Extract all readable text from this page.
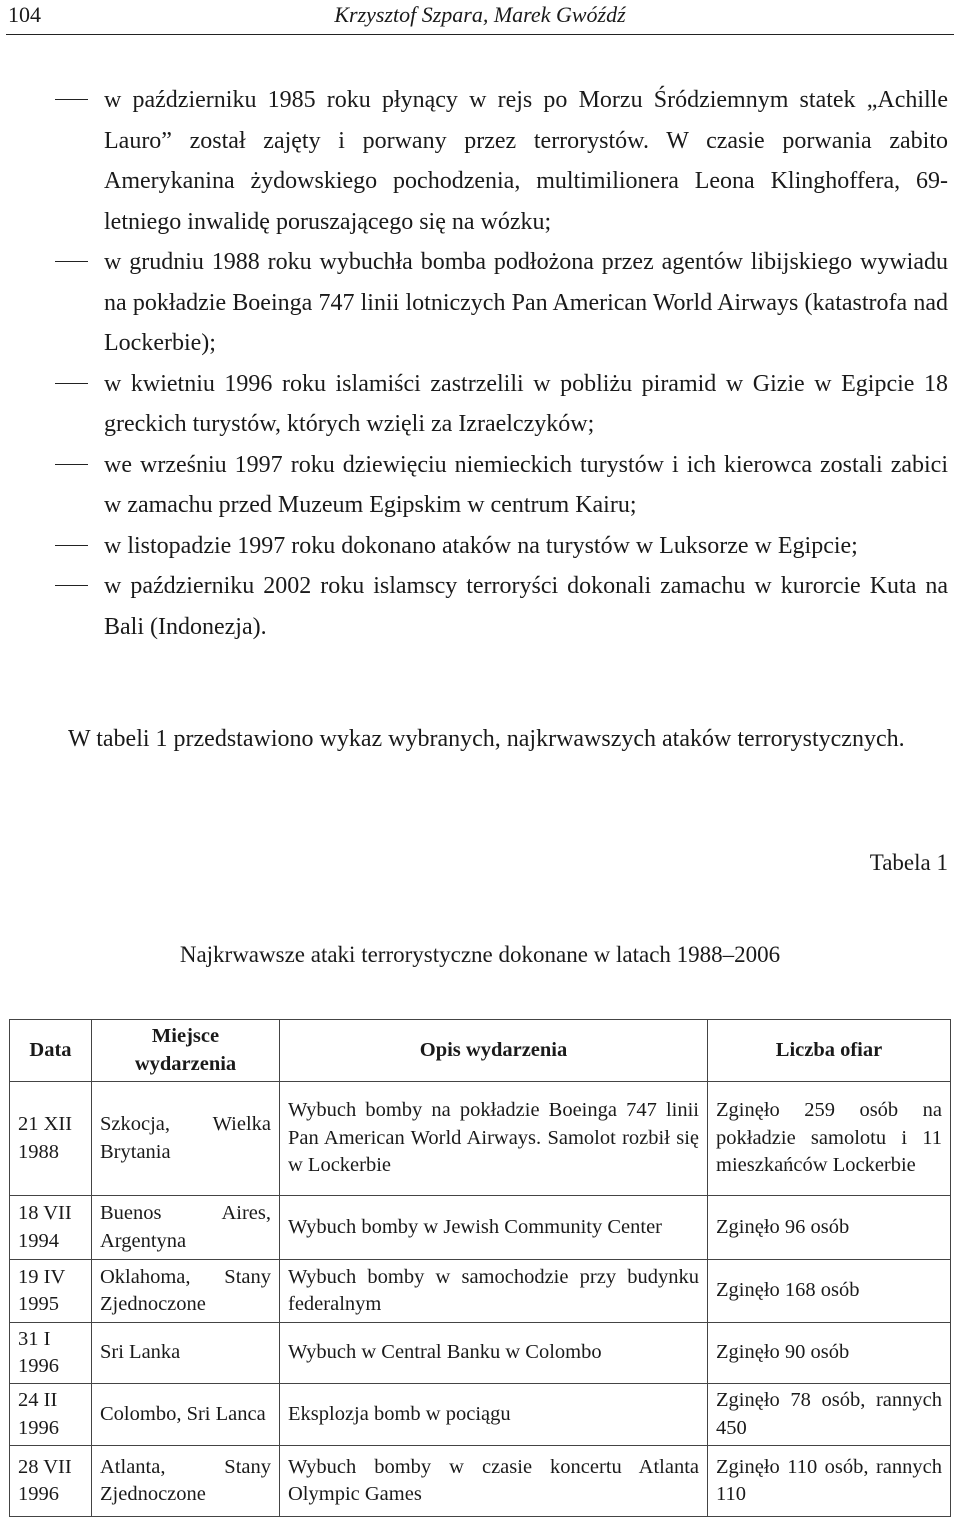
104	Krzysztof Szpara, Marek Gwóźdź
w październiku 1985 roku płynący w rejs po Morzu Śródziemnym statek „Achille Lauro” został zajęty i porwany przez terrorystów. W czasie porwania zabito Amerykanina żydowskiego pochodzenia, multimilionera Leona Klinghoffera, 69-letniego inwalidę poruszającego się na wózku;
w grudniu 1988 roku wybuchła bomba podłożona przez agentów libijskiego wywiadu na pokładzie Boeinga 747 linii lotniczych Pan American World Airways (katastrofa nad Lockerbie);
w kwietniu 1996 roku islamiści zastrzelili w pobliżu piramid w Gizie w Egipcie 18 greckich turystów, których wzięli za Izraelczyków;
we wrześniu 1997 roku dziewięciu niemieckich turystów i ich kierowca zostali zabici w zamachu przed Muzeum Egipskim w centrum Kairu;
w listopadzie 1997 roku dokonano ataków na turystów w Luksorze w Egipcie;
w październiku 2002 roku islamscy terroryści dokonali zamachu w kurorcie Kuta na Bali (Indonezja).

W tabeli 1 przedstawiono wykaz wybranych, najkrwawszych ataków terrorystycznych.

Tabela 1
Najkrwawsze ataki terrorystyczne dokonane w latach 1988–2006
Data	Miejsce wydarzenia	Opis wydarzenia	Liczba ofiar
21 XII 1988	Szkocja, Wielka Brytania	Wybuch bomby na pokładzie Boeinga 747 linii Pan American World Airways. Samolot rozbił się w Lockerbie	Zginęło 259 osób na pokładzie samolotu i 11 mieszkańców Lockerbie
18 VII 1994	Buenos Aires, Argentyna	Wybuch bomby w Jewish Community Center	Zginęło 96 osób
19 IV 1995	Oklahoma, Stany Zjednoczone	Wybuch bomby w samochodzie przy budynku federalnym	Zginęło 168 osób
31 I 1996	Sri Lanka	Wybuch w Central Banku w Colombo	Zginęło 90 osób
24 II 1996	Colombo, Sri Lanca	Eksplozja bomb w pociągu	Zginęło 78 osób, rannych 450
28 VII 1996	Atlanta, Stany Zjednoczone	Wybuch bomby w czasie koncertu Atlanta Olympic Games	Zginęło 110 osób, rannych 110
